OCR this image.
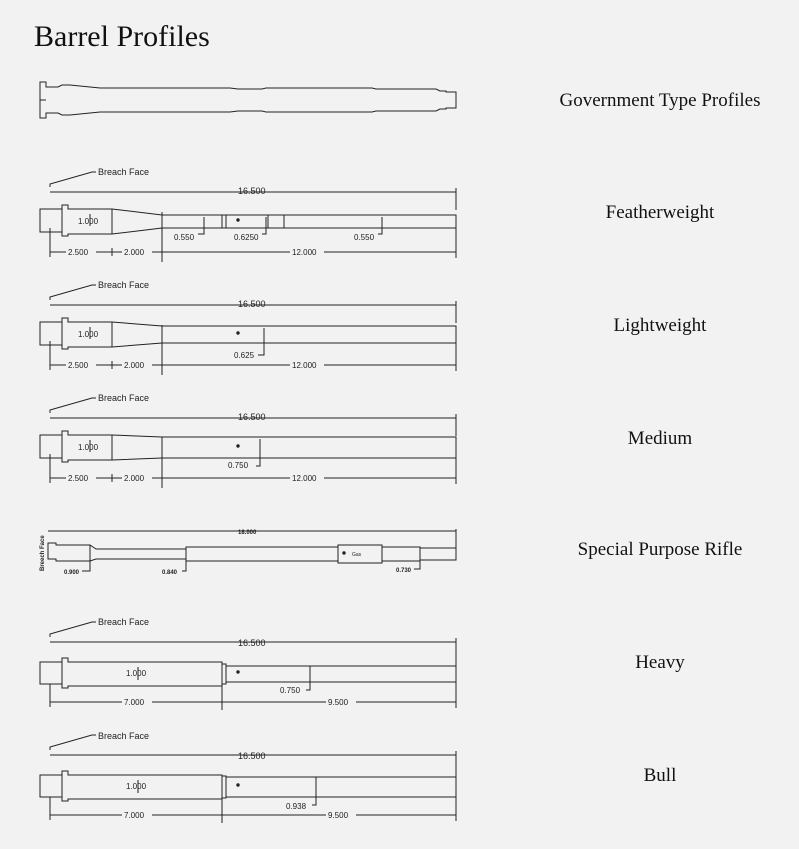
Barrel Profiles
Government Type Profiles
Breach Face
16.500
1.000
0.550	0.6250	0.550
2.500	2.000	12.000
Featherweight
Breach Face
16.500
1.000
0.625
2.500	2.000	12.000
Lightweight
Breach Face
16.500
1.000
0.750
2.500	2.000	12.000
Medium
18.000
Breech Face	Gas
0.900	0.840	0.730
Special Purpose Rifle
Breach Face
16.500
1.000
0.750
7.000	9.500
Heavy
Breach Face
16.500
1.000
0.938
7.000	9.500
Bull
